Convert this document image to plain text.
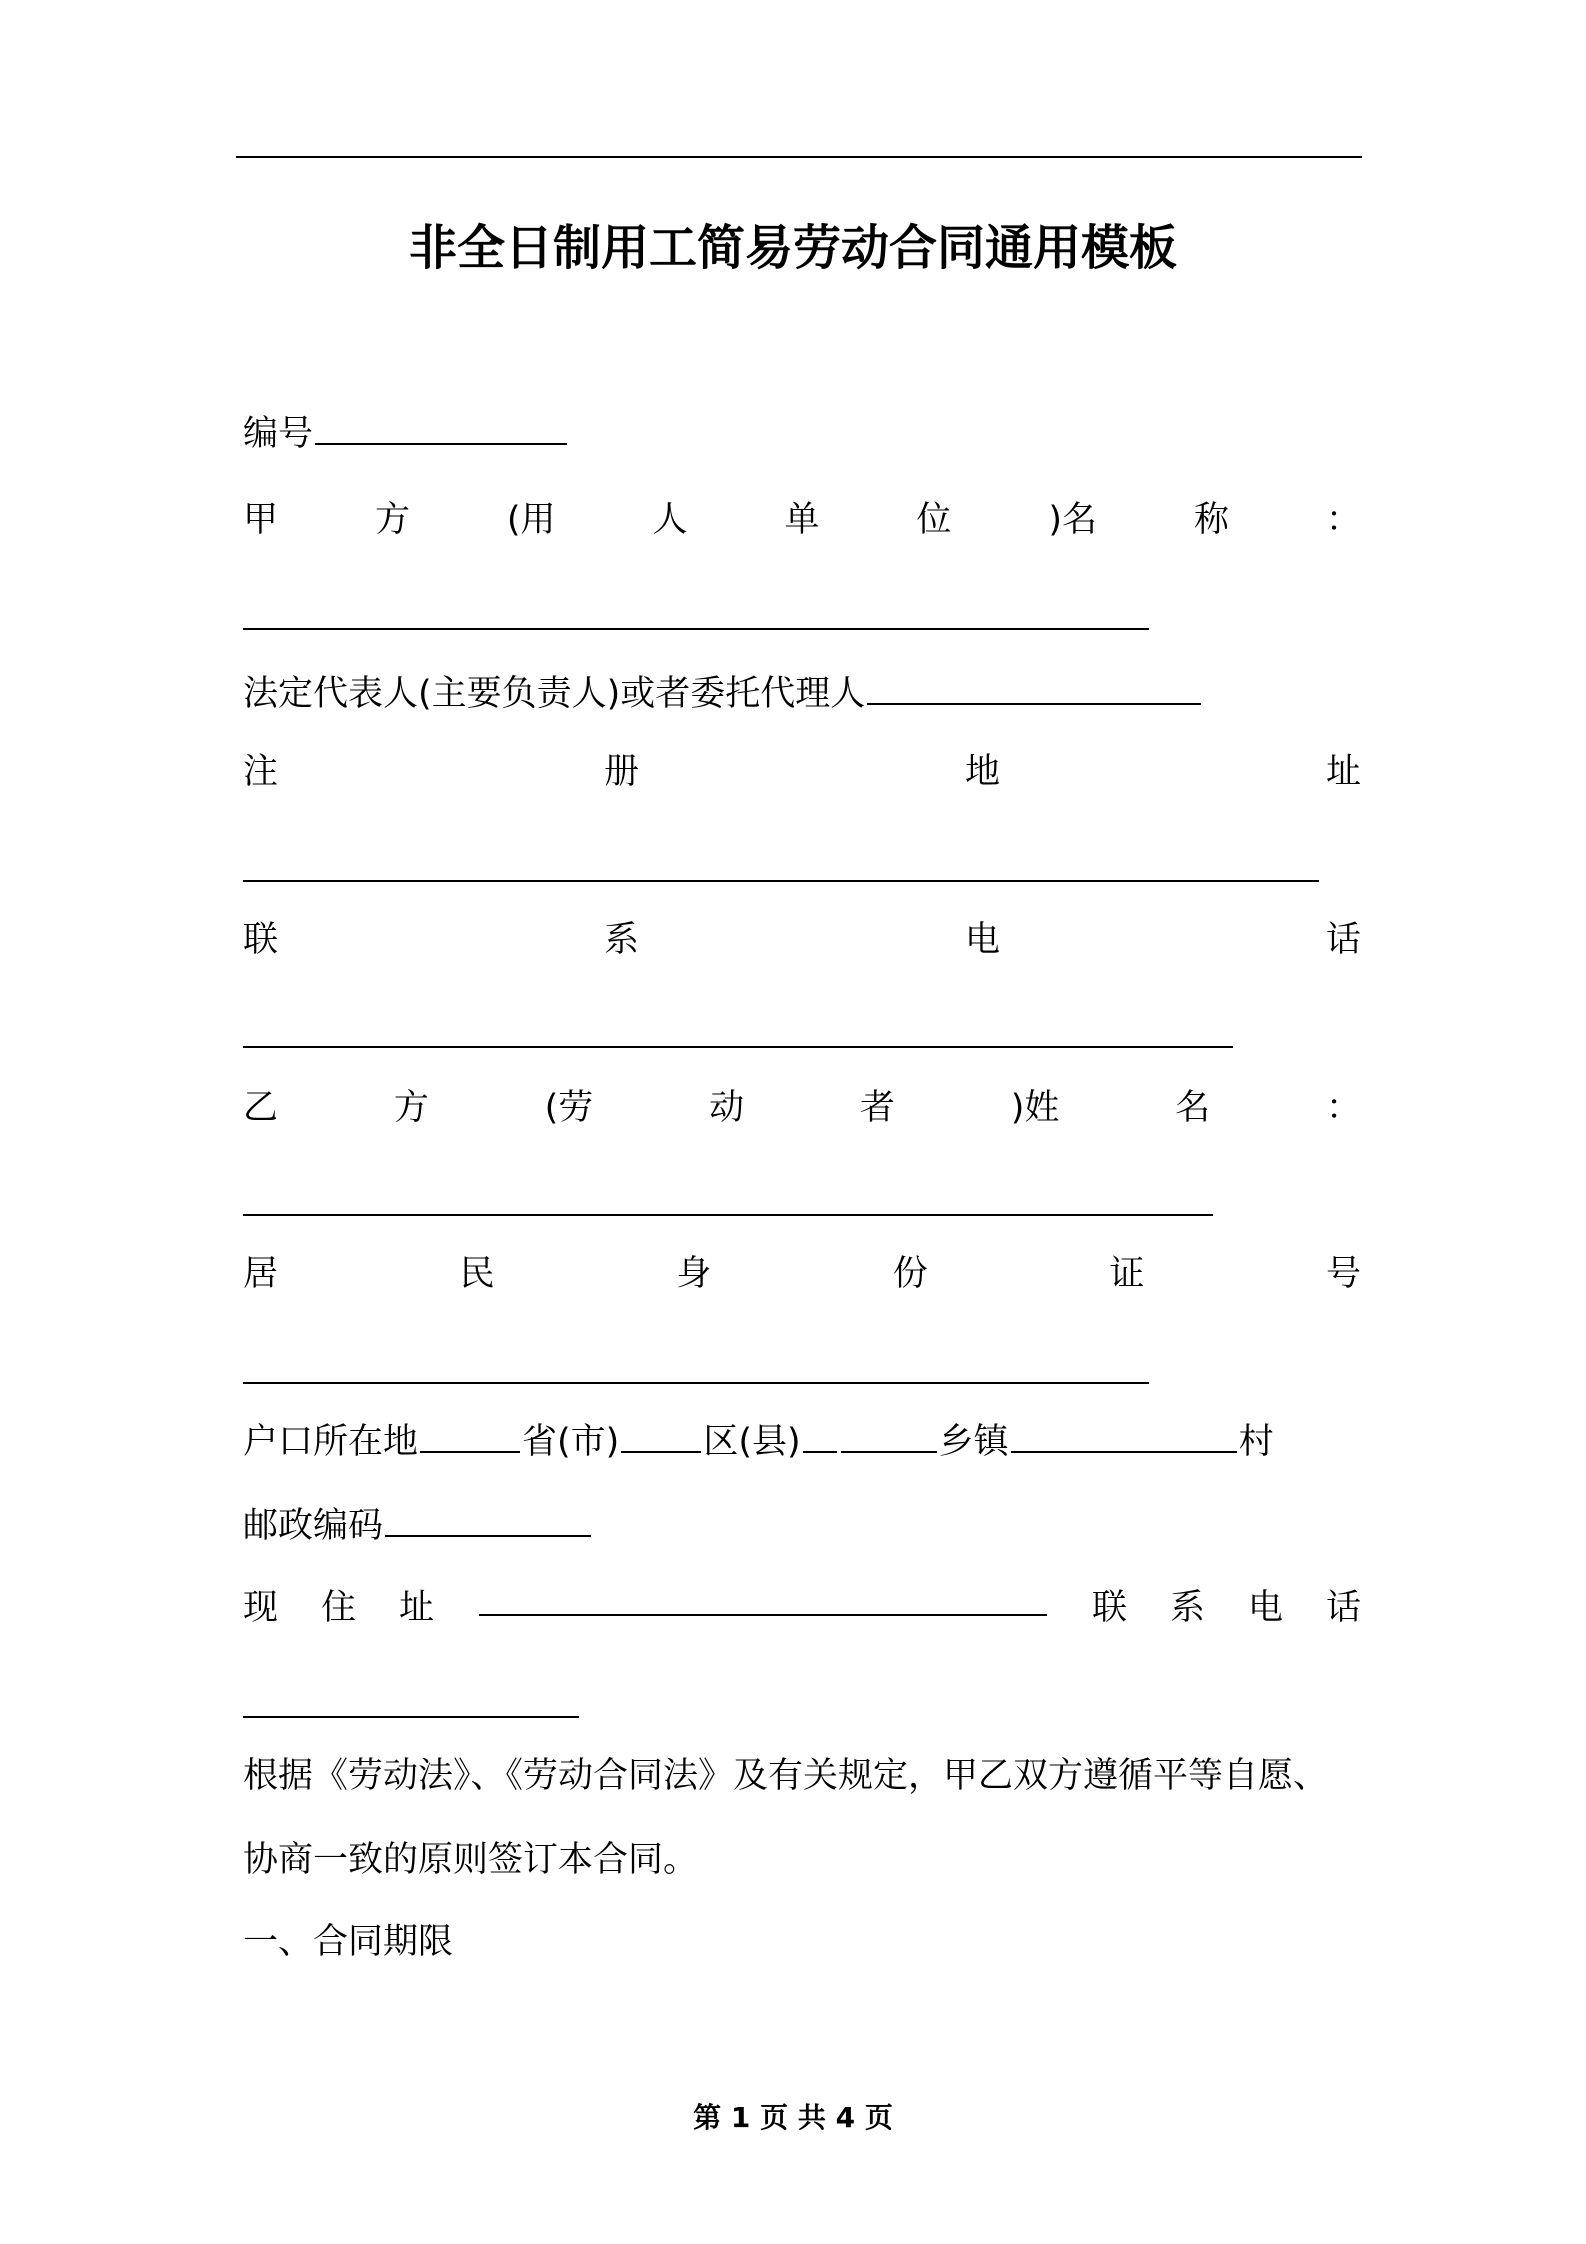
非全日制用工简易劳动合同通用模板
编号
甲	方	(用	人	单	位	)名	称	：
法定代表人(主要负责人)或者委托代理人
注	册	地	址
联	系	电	话
乙	方	(劳	动	者	)姓	名	：
居	民	身	份	证	号
户口所在地	省(市) 区(县)	乡镇	村
邮政编码
现 住 址	联 系 电 话
根据《劳动法》、《劳动合同法》及有关规定，甲乙双方遵循平等自愿、
协商一致的原则签订本合同。
一、合同期限
第 1 页 共 4 页
